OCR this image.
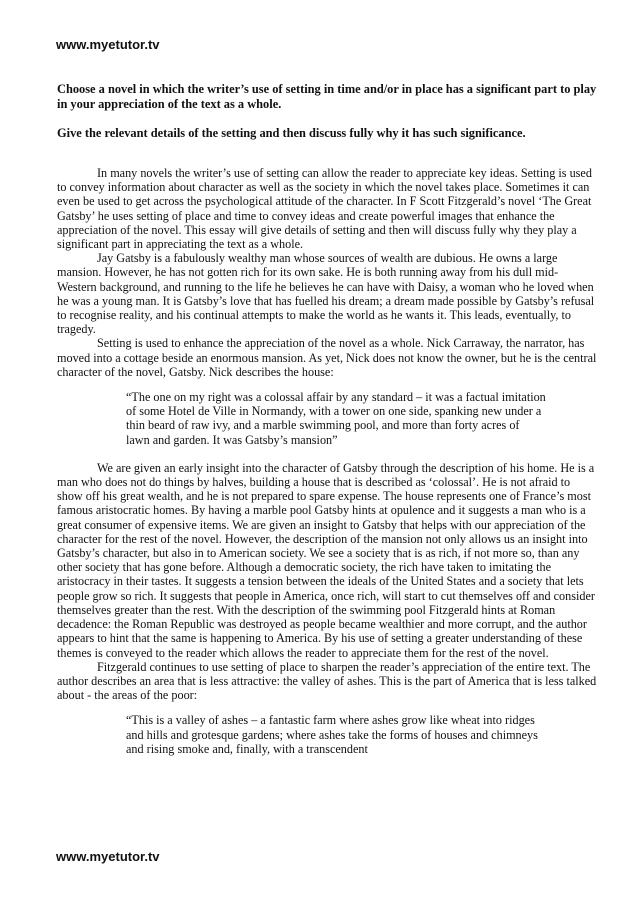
www.myetutor.tv

Choose a novel in which the writer’s use of setting in time and/or in place has a significant part to play in your appreciation of the text as a whole.

Give the relevant details of the setting and then discuss fully why it has such significance.

In many novels the writer’s use of setting can allow the reader to appreciate key ideas. Setting is used to convey information about character as well as the society in which the novel takes place. Sometimes it can even be used to get across the psychological attitude of the character. In F Scott Fitzgerald’s novel ‘The Great Gatsby’ he uses setting of place and time to convey ideas and create powerful images that enhance the appreciation of the novel. This essay will give details of setting and then will discuss fully why they play a significant part in appreciating the text as a whole.

Jay Gatsby is a fabulously wealthy man whose sources of wealth are dubious. He owns a large mansion. However, he has not gotten rich for its own sake. He is both running away from his dull mid-Western background, and running to the life he believes he can have with Daisy, a woman who he loved when he was a young man. It is Gatsby’s love that has fuelled his dream; a dream made possible by Gatsby’s refusal to recognise reality, and his continual attempts to make the world as he wants it. This leads, eventually, to tragedy.

Setting is used to enhance the appreciation of the novel as a whole. Nick Carraway, the narrator, has moved into a cottage beside an enormous mansion. As yet, Nick does not know the owner, but he is the central character of the novel, Gatsby. Nick describes the house:

“The one on my right was a colossal affair by any standard – it was a factual imitation of some Hotel de Ville in Normandy, with a tower on one side, spanking new under a thin beard of raw ivy, and a marble swimming pool, and more than forty acres of lawn and garden. It was Gatsby’s mansion”

We are given an early insight into the character of Gatsby through the description of his home. He is a man who does not do things by halves, building a house that is described as ‘colossal’. He is not afraid to show off his great wealth, and he is not prepared to spare expense. The house represents one of France’s most famous aristocratic homes. By having a marble pool Gatsby hints at opulence and it suggests a man who is a great consumer of expensive items. We are given an insight to Gatsby that helps with our appreciation of the character for the rest of the novel. However, the description of the mansion not only allows us an insight into Gatsby’s character, but also in to American society. We see a society that is as rich, if not more so, than any other society that has gone before. Although a democratic society, the rich have taken to imitating the aristocracy in their tastes. It suggests a tension between the ideals of the United States and a society that lets people grow so rich. It suggests that people in America, once rich, will start to cut themselves off and consider themselves greater than the rest. With the description of the swimming pool Fitzgerald hints at Roman decadence: the Roman Republic was destroyed as people became wealthier and more corrupt, and the author appears to hint that the same is happening to America. By his use of setting a greater understanding of these themes is conveyed to the reader which allows the reader to appreciate them for the rest of the novel.

Fitzgerald continues to use setting of place to sharpen the reader’s appreciation of the entire text. The author describes an area that is less attractive: the valley of ashes. This is the part of America that is less talked about - the areas of the poor:

“This is a valley of ashes – a fantastic farm where ashes grow like wheat into ridges and hills and grotesque gardens; where ashes take the forms of houses and chimneys and rising smoke and, finally, with a transcendent

www.myetutor.tv
